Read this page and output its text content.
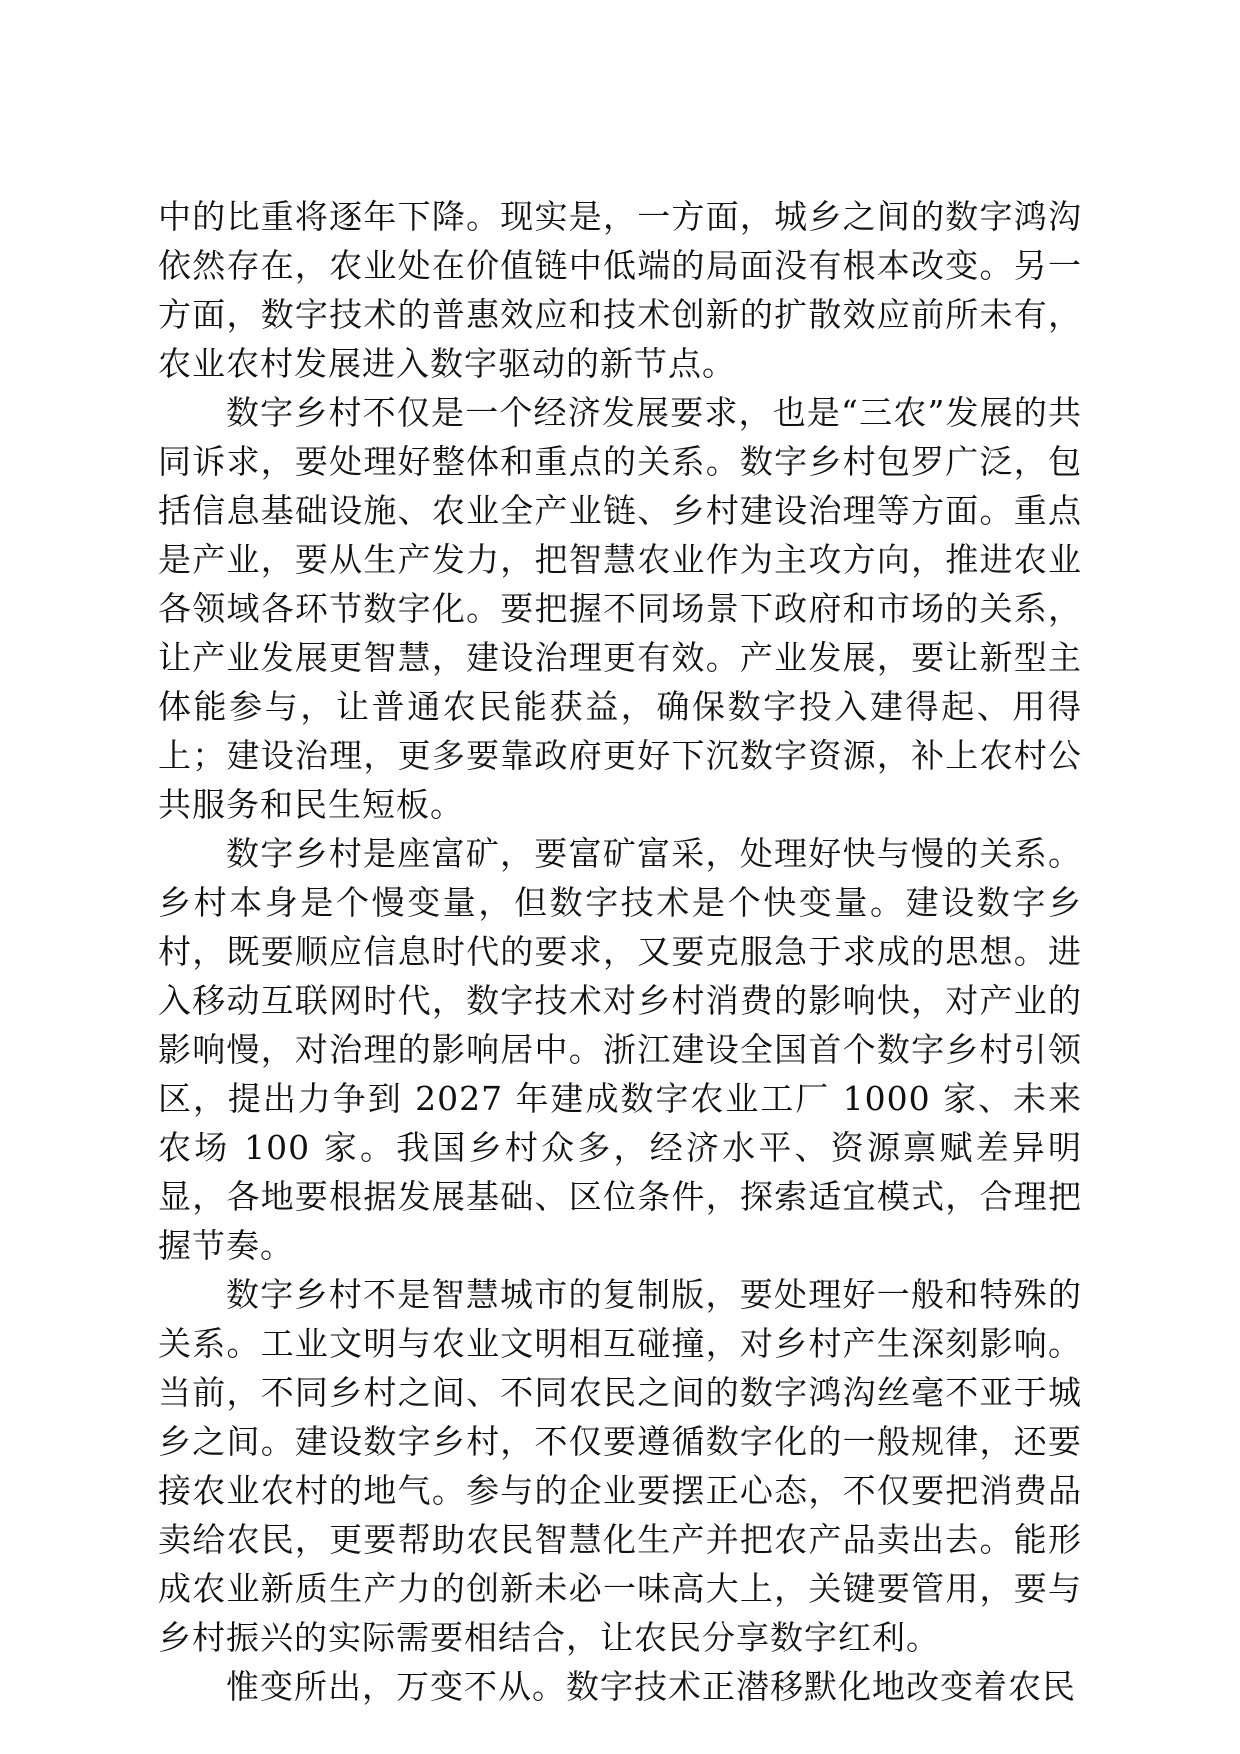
中的比重将逐年下降。现实是，一方面，城乡之间的数字鸿沟依然存在，农业处在价值链中低端的局面没有根本改变。另一方面，数字技术的普惠效应和技术创新的扩散效应前所未有，农业农村发展进入数字驱动的新节点。

数字乡村不仅是一个经济发展要求，也是“三农”发展的共同诉求，要处理好整体和重点的关系。数字乡村包罗广泛，包括信息基础设施、农业全产业链、乡村建设治理等方面。重点是产业，要从生产发力，把智慧农业作为主攻方向，推进农业各领域各环节数字化。要把握不同场景下政府和市场的关系，让产业发展更智慧，建设治理更有效。产业发展，要让新型主体能参与，让普通农民能获益，确保数字投入建得起、用得上；建设治理，更多要靠政府更好下沉数字资源，补上农村公共服务和民生短板。

数字乡村是座富矿，要富矿富采，处理好快与慢的关系。乡村本身是个慢变量，但数字技术是个快变量。建设数字乡村，既要顺应信息时代的要求，又要克服急于求成的思想。进入移动互联网时代，数字技术对乡村消费的影响快，对产业的影响慢，对治理的影响居中。浙江建设全国首个数字乡村引领区，提出力争到 2027 年建成数字农业工厂 1000 家、未来农场 100 家。我国乡村众多，经济水平、资源禀赋差异明显，各地要根据发展基础、区位条件，探索适宜模式，合理把握节奏。

数字乡村不是智慧城市的复制版，要处理好一般和特殊的关系。工业文明与农业文明相互碰撞，对乡村产生深刻影响。当前，不同乡村之间、不同农民之间的数字鸿沟丝毫不亚于城乡之间。建设数字乡村，不仅要遵循数字化的一般规律，还要接农业农村的地气。参与的企业要摆正心态，不仅要把消费品卖给农民，更要帮助农民智慧化生产并把农产品卖出去。能形成农业新质生产力的创新未必一味高大上，关键要管用，要与乡村振兴的实际需要相结合，让农民分享数字红利。

惟变所出，万变不从。数字技术正潜移默化地改变着农民
